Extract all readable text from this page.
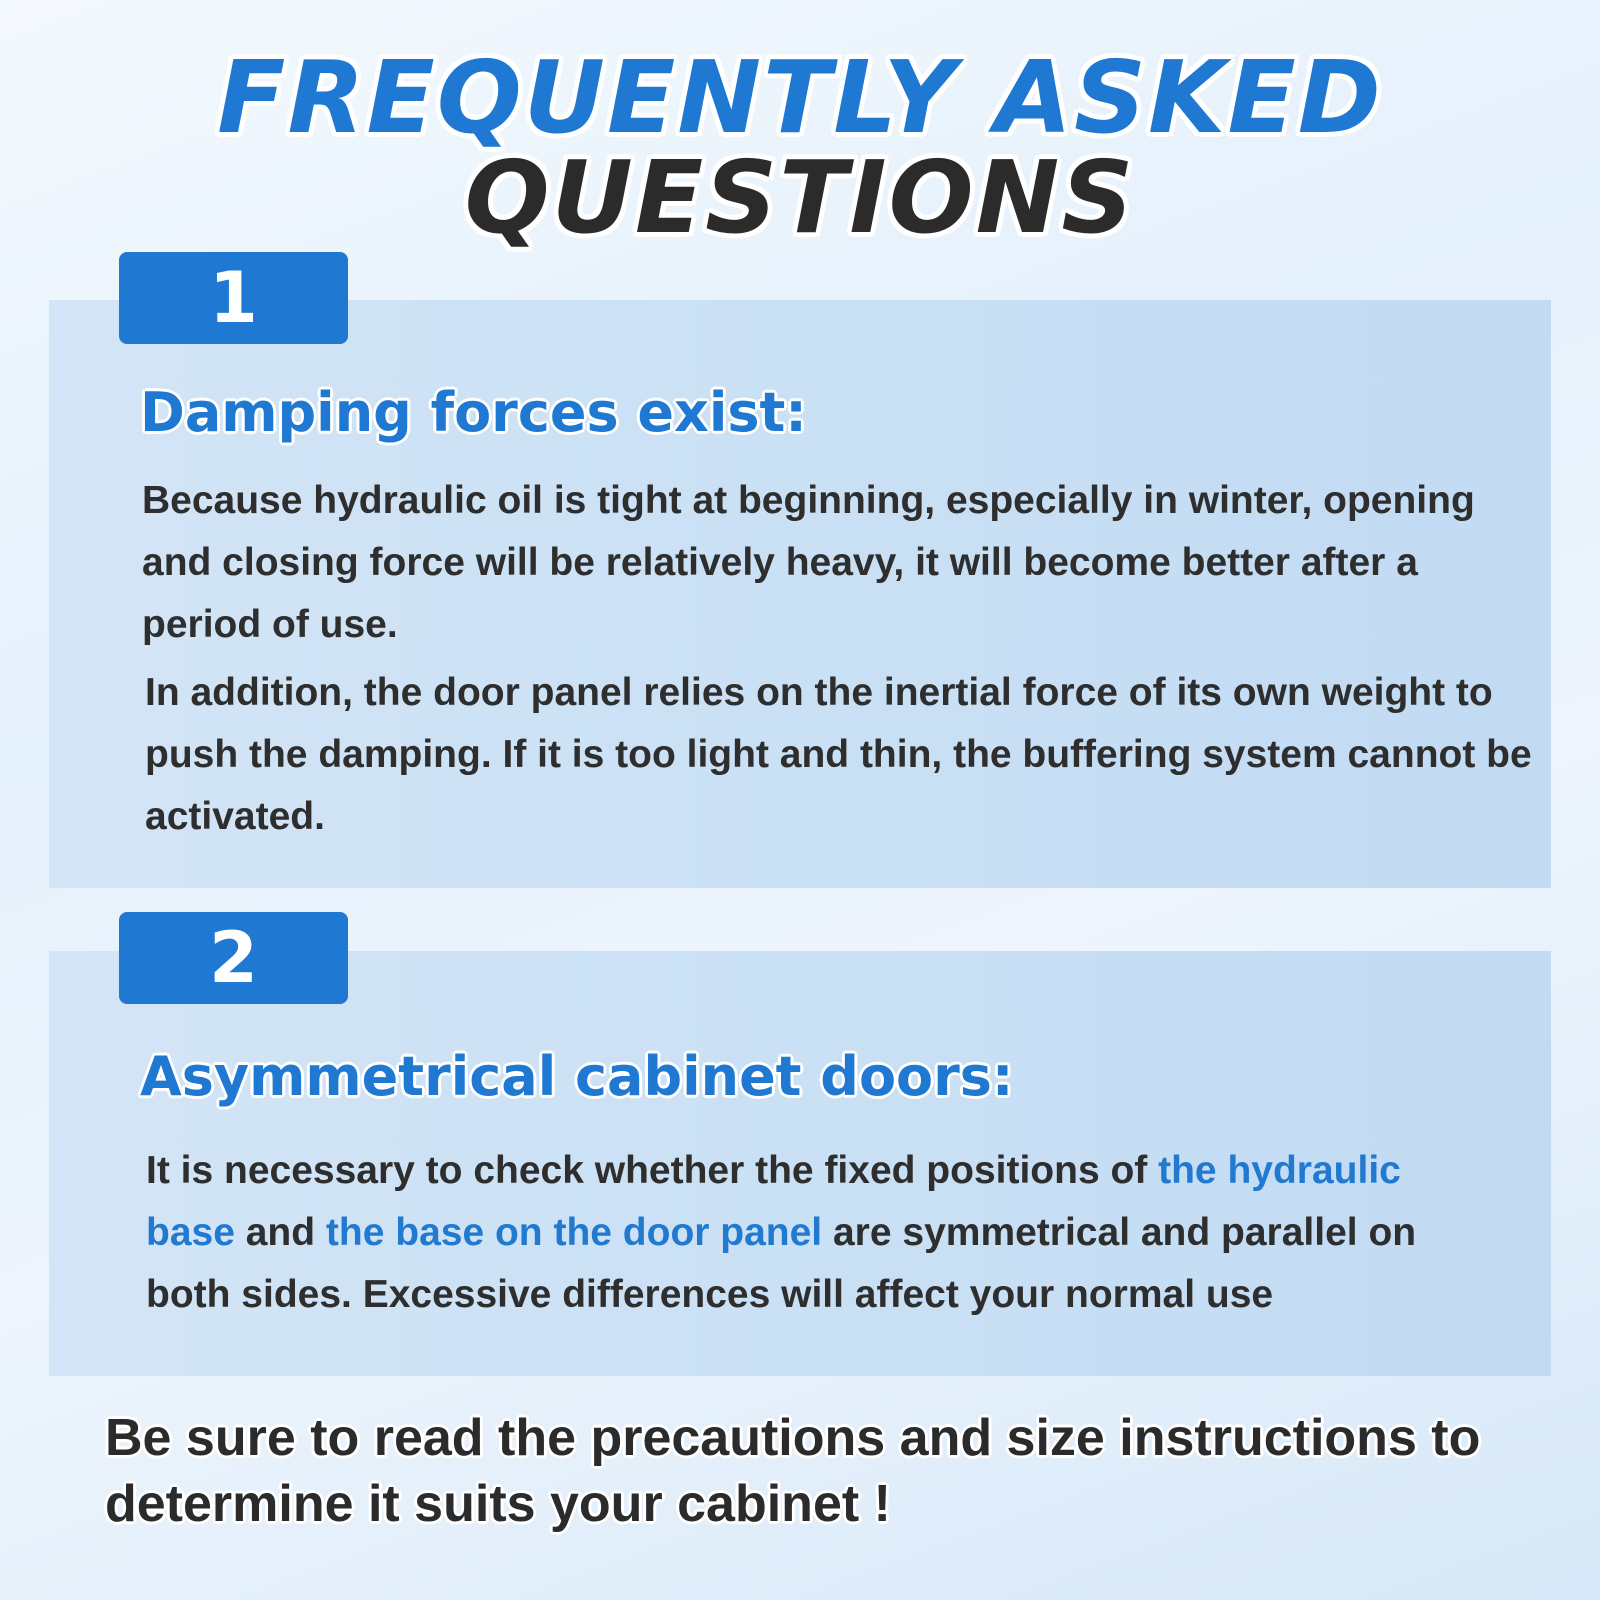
FREQUENTLY ASKED
QUESTIONS
1
Damping forces exist:

Because hydraulic oil is tight at beginning, especially in winter, opening and closing force will be relatively heavy, it will become better after a period of use.

In addition, the door panel relies on the inertial force of its own weight to push the damping. If it is too light and thin, the buffering system cannot be activated.

2
Asymmetrical cabinet doors:

It is necessary to check whether the fixed positions of the hydraulic base and the base on the door panel are symmetrical and parallel on both sides. Excessive differences will affect your normal use

Be sure to read the precautions and size instructions to determine it suits your cabinet !
